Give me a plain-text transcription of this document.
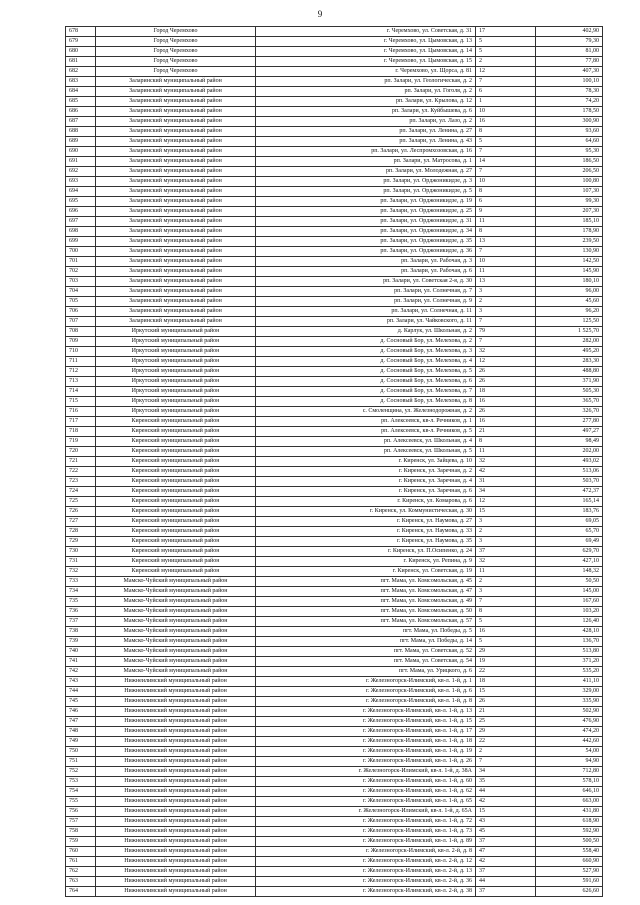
9
678	Город Черемхово	г. Черемхово, ул. Советская, д. 31	17	402,90
679	Город Черемхово	г. Черемхово, ул. Цымовская, д. 13	5	79,30
680	Город Черемхово	г. Черемхово, ул. Цымовская, д. 14	5	81,00
681	Город Черемхово	г. Черемхово, ул. Цымовская, д. 15	2	77,80
682	Город Черемхово	г. Черемхово, ул. Щорса, д. 81	12	407,30
683	Заларинский муниципальный район	рп. Залари, ул. Геологическая, д. 2	7	100,10
684	Заларинский муниципальный район	рп. Залари, ул. Гоголя, д. 2	6	78,30
685	Заларинский муниципальный район	рп. Залари, ул. Крылова, д. 12	1	74,20
686	Заларинский муниципальный район	рп. Залари, ул. Куйбышева, д. 6	10	178,50
687	Заларинский муниципальный район	рп. Залари, ул. Лазо, д. 2	16	300,90
688	Заларинский муниципальный район	рп. Залари, ул. Ленина, д. 27	8	93,60
689	Заларинский муниципальный район	рп. Залари, ул. Ленина, д. 43	5	64,60
690	Заларинский муниципальный район	рп. Залари, ул. Леспромхозовская, д. 16	7	95,30
691	Заларинский муниципальный район	рп. Залари, ул. Матросова, д. 1	14	186,50
692	Заларинский муниципальный район	рп. Залари, ул. Молодежная, д. 27	7	206,50
693	Заларинский муниципальный район	рп. Залари, ул. Орджоникидзе, д. 3	10	100,80
694	Заларинский муниципальный район	рп. Залари, ул. Орджоникидзе, д. 5	8	107,30
695	Заларинский муниципальный район	рп. Залари, ул. Орджоникидзе, д. 19	6	99,30
696	Заларинский муниципальный район	рп. Залари, ул. Орджоникидзе, д. 25	9	207,30
697	Заларинский муниципальный район	рп. Залари, ул. Орджоникидзе, д. 31	11	185,10
698	Заларинский муниципальный район	рп. Залари, ул. Орджоникидзе, д. 34	8	178,90
699	Заларинский муниципальный район	рп. Залари, ул. Орджоникидзе, д. 35	13	239,50
700	Заларинский муниципальный район	рп. Залари, ул. Орджоникидзе, д. 36	7	130,90
701	Заларинский муниципальный район	рп. Залари, ул. Рабочая, д. 3	10	142,50
702	Заларинский муниципальный район	рп. Залари, ул. Рабочая, д. 6	11	145,90
703	Заларинский муниципальный район	рп. Залари, ул. Советская 2-я, д. 30	13	180,10
704	Заларинский муниципальный район	рп. Залари, ул. Солнечная, д. 7	3	96,00
705	Заларинский муниципальный район	рп. Залари, ул. Солнечная, д. 9	2	45,60
706	Заларинский муниципальный район	рп. Залари, ул. Солнечная, д. 11	3	96,20
707	Заларинский муниципальный район	рп. Залари, ул. Чайковского, д. 11	7	125,50
708	Иркутский муниципальный район	д. Карлук, ул. Школьная, д. 2	79	1 525,70
709	Иркутский муниципальный район	д. Сосновый Бор, ул. Мелехова, д. 2	7	282,00
710	Иркутский муниципальный район	д. Сосновый Бор, ул. Мелехова, д. 3	32	495,20
711	Иркутский муниципальный район	д. Сосновый Бор, ул. Мелехова, д. 4	12	283,30
712	Иркутский муниципальный район	д. Сосновый Бор, ул. Мелехова, д. 5	26	488,80
713	Иркутский муниципальный район	д. Сосновый Бор, ул. Мелехова, д. 6	26	371,90
714	Иркутский муниципальный район	д. Сосновый Бор, ул. Мелехова, д. 7	18	505,30
715	Иркутский муниципальный район	д. Сосновый Бор, ул. Мелехова, д. 8	16	365,70
716	Иркутский муниципальный район	с. Смоленщина, ул. Железнодорожная, д. 2	26	326,70
717	Киренский муниципальный район	рп. Алексеевск, кв-л. Речников, д. 1	16	277,80
718	Киренский муниципальный район	рп. Алексеевск, кв-л. Речников, д. 5	21	497,27
719	Киренский муниципальный район	рп. Алексеевск, ул. Школьная, д. 4	8	98,49
720	Киренский муниципальный район	рп. Алексеевск, ул. Школьная, д. 5	11	202,00
721	Киренский муниципальный район	г. Киренск, ул. Зайцева, д. 10	32	493,02
722	Киренский муниципальный район	г. Киренск, ул. Заречная, д. 2	42	513,06
723	Киренский муниципальный район	г. Киренск, ул. Заречная, д. 4	31	503,70
724	Киренский муниципальный район	г. Киренск, ул. Заречная, д. 6	34	472,37
725	Киренский муниципальный район	г. Киренск, ул. Комарова, д. 6	12	165,14
726	Киренский муниципальный район	г. Киренск, ул. Коммунистическая, д. 30	15	183,76
727	Киренский муниципальный район	г. Киренск, ул. Наумова, д. 27	3	69,05
728	Киренский муниципальный район	г. Киренск, ул. Наумова, д. 33	2	65,70
729	Киренский муниципальный район	г. Киренск, ул. Наумова, д. 35	3	69,49
730	Киренский муниципальный район	г. Киренск, ул. П.Осипенко, д. 24	37	629,70
731	Киренский муниципальный район	г. Киренск, ул. Репина, д. 9	32	427,10
732	Киренский муниципальный район	г. Киренск, ул. Советская, д. 19	11	148,32
733	Мамско-Чуйский муниципальный район	пгт. Мама, ул. Комсомольская, д. 45	2	50,50
734	Мамско-Чуйский муниципальный район	пгт. Мама, ул. Комсомольская, д. 47	3	145,00
735	Мамско-Чуйский муниципальный район	пгт. Мама, ул. Комсомольская, д. 49	7	167,60
736	Мамско-Чуйский муниципальный район	пгт. Мама, ул. Комсомольская, д. 50	8	103,20
737	Мамско-Чуйский муниципальный район	пгт. Мама, ул. Комсомольская, д. 57	5	126,40
738	Мамско-Чуйский муниципальный район	пгт. Мама, ул. Победы, д. 5	16	428,10
739	Мамско-Чуйский муниципальный район	пгт. Мама, ул. Победы, д. 14	5	136,70
740	Мамско-Чуйский муниципальный район	пгт. Мама, ул. Советская, д. 52	29	513,80
741	Мамско-Чуйский муниципальный район	пгт. Мама, ул. Советская, д. 54	19	371,20
742	Мамско-Чуйский муниципальный район	пгт. Мама, ул. Урицкого, д. 6	22	535,20
743	Нижнеилимский муниципальный район	г. Железногорск-Илимский, кв-л. 1-й, д. 1	18	411,10
744	Нижнеилимский муниципальный район	г. Железногорск-Илимский, кв-л. 1-й, д. 6	15	329,00
745	Нижнеилимский муниципальный район	г. Железногорск-Илимский, кв-л. 1-й, д. 8	26	335,90
746	Нижнеилимский муниципальный район	г. Железногорск-Илимский, кв-л. 1-й, д. 13	21	502,90
747	Нижнеилимский муниципальный район	г. Железногорск-Илимский, кв-л. 1-й, д. 15	25	476,90
748	Нижнеилимский муниципальный район	г. Железногорск-Илимский, кв-л. 1-й, д. 17	29	474,20
749	Нижнеилимский муниципальный район	г. Железногорск-Илимский, кв-л. 1-й, д. 18	22	442,60
750	Нижнеилимский муниципальный район	г. Железногорск-Илимский, кв-л. 1-й, д. 19	2	54,00
751	Нижнеилимский муниципальный район	г. Железногорск-Илимский, кв-л. 1-й, д. 26	7	94,90
752	Нижнеилимский муниципальный район	г. Железногорск-Илимский, кв-л. 1-й, д. 38А	34	712,80
753	Нижнеилимский муниципальный район	г. Железногорск-Илимский, кв-л. 1-й, д. 60	35	578,10
754	Нижнеилимский муниципальный район	г. Железногорск-Илимский, кв-л. 1-й, д. 62	44	646,10
755	Нижнеилимский муниципальный район	г. Железногорск-Илимский, кв-л. 1-й, д. 65	42	663,00
756	Нижнеилимский муниципальный район	г. Железногорск-Илимский, кв-л. 1-й, д. 65А	15	431,80
757	Нижнеилимский муниципальный район	г. Железногорск-Илимский, кв-л. 1-й, д. 72	43	618,90
758	Нижнеилимский муниципальный район	г. Железногорск-Илимский, кв-л. 1-й, д. 73	45	592,90
759	Нижнеилимский муниципальный район	г. Железногорск-Илимский, кв-л. 1-й, д. 89	37	500,50
760	Нижнеилимский муниципальный район	г. Железногорск-Илимский, кв-л. 2-й, д. 8	47	558,40
761	Нижнеилимский муниципальный район	г. Железногорск-Илимский, кв-л. 2-й, д. 12	42	660,90
762	Нижнеилимский муниципальный район	г. Железногорск-Илимский, кв-л. 2-й, д. 13	37	527,90
763	Нижнеилимский муниципальный район	г. Железногорск-Илимский, кв-л. 2-й, д. 36	44	591,60
764	Нижнеилимский муниципальный район	г. Железногорск-Илимский, кв-л. 2-й, д. 38	37	626,60
